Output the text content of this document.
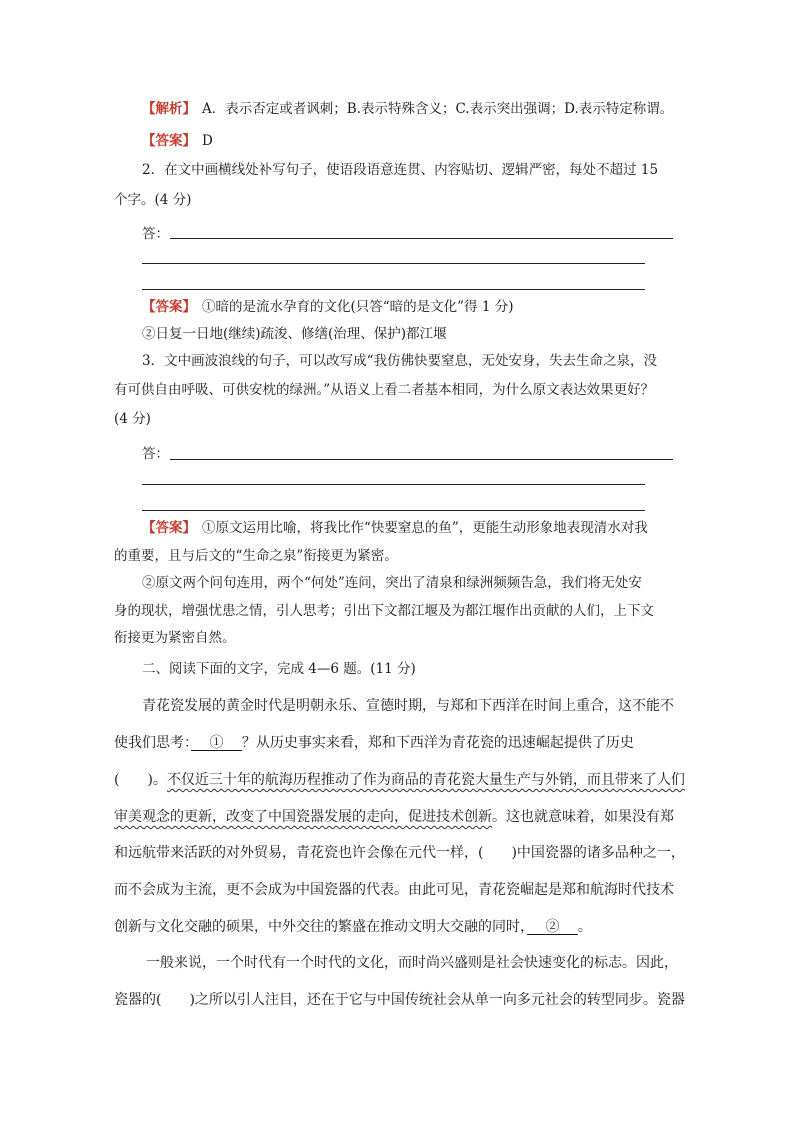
【解析】 A．表示否定或者讽刺；B.表示特殊含义；C.表示突出强调；D.表示特定称谓。
【答案】 D
2．在文中画横线处补写句子，使语段语意连贯、内容贴切、逻辑严密，每处不超过 15
个字。(4 分)
答：
【答案】 ①暗的是流水孕育的文化(只答“暗的是文化”得 1 分)
②日复一日地(继续)疏浚、修缮(治理、保护)都江堰
3．文中画波浪线的句子，可以改写成“我仿佛快要窒息，无处安身，失去生命之泉，没
有可供自由呼吸、可供安枕的绿洲。”从语义上看二者基本相同，为什么原文表达效果更好？
(4 分)
答：
【答案】 ①原文运用比喻，将我比作“快要窒息的鱼”，更能生动形象地表现清水对我
的重要，且与后文的“生命之泉”衔接更为紧密。
②原文两个问句连用，两个“何处”连问，突出了清泉和绿洲频频告急，我们将无处安
身的现状，增强忧患之情，引人思考；引出下文都江堰及为都江堰作出贡献的人们，上下文
衔接更为紧密自然。
二、阅读下面的文字，完成 4—6 题。(11 分)
青花瓷发展的黄金时代是明朝永乐、宣德时期，与郑和下西洋在时间上重合，这不能不
使我们思考：　 ①　 ？从历史事实来看，郑和下西洋为青花瓷的迅速崛起提供了历史
(　　)。不仅近三十年的航海历程推动了作为商品的青花瓷大量生产与外销，而且带来了人们
审美观念的更新，改变了中国瓷器发展的走向，促进技术创新。这也就意味着，如果没有郑
和远航带来活跃的对外贸易，青花瓷也许会像在元代一样，(　　)中国瓷器的诸多品种之一，
而不会成为主流，更不会成为中国瓷器的代表。由此可见，青花瓷崛起是郑和航海时代技术
创新与文化交融的硕果，中外交往的繁盛在推动文明大交融的同时，　 ②　 。
一般来说，一个时代有一个时代的文化，而时尚兴盛则是社会快速变化的标志。因此，
瓷器的(　　)之所以引人注目，还在于它与中国传统社会从单一向多元社会的转型同步。瓷器
